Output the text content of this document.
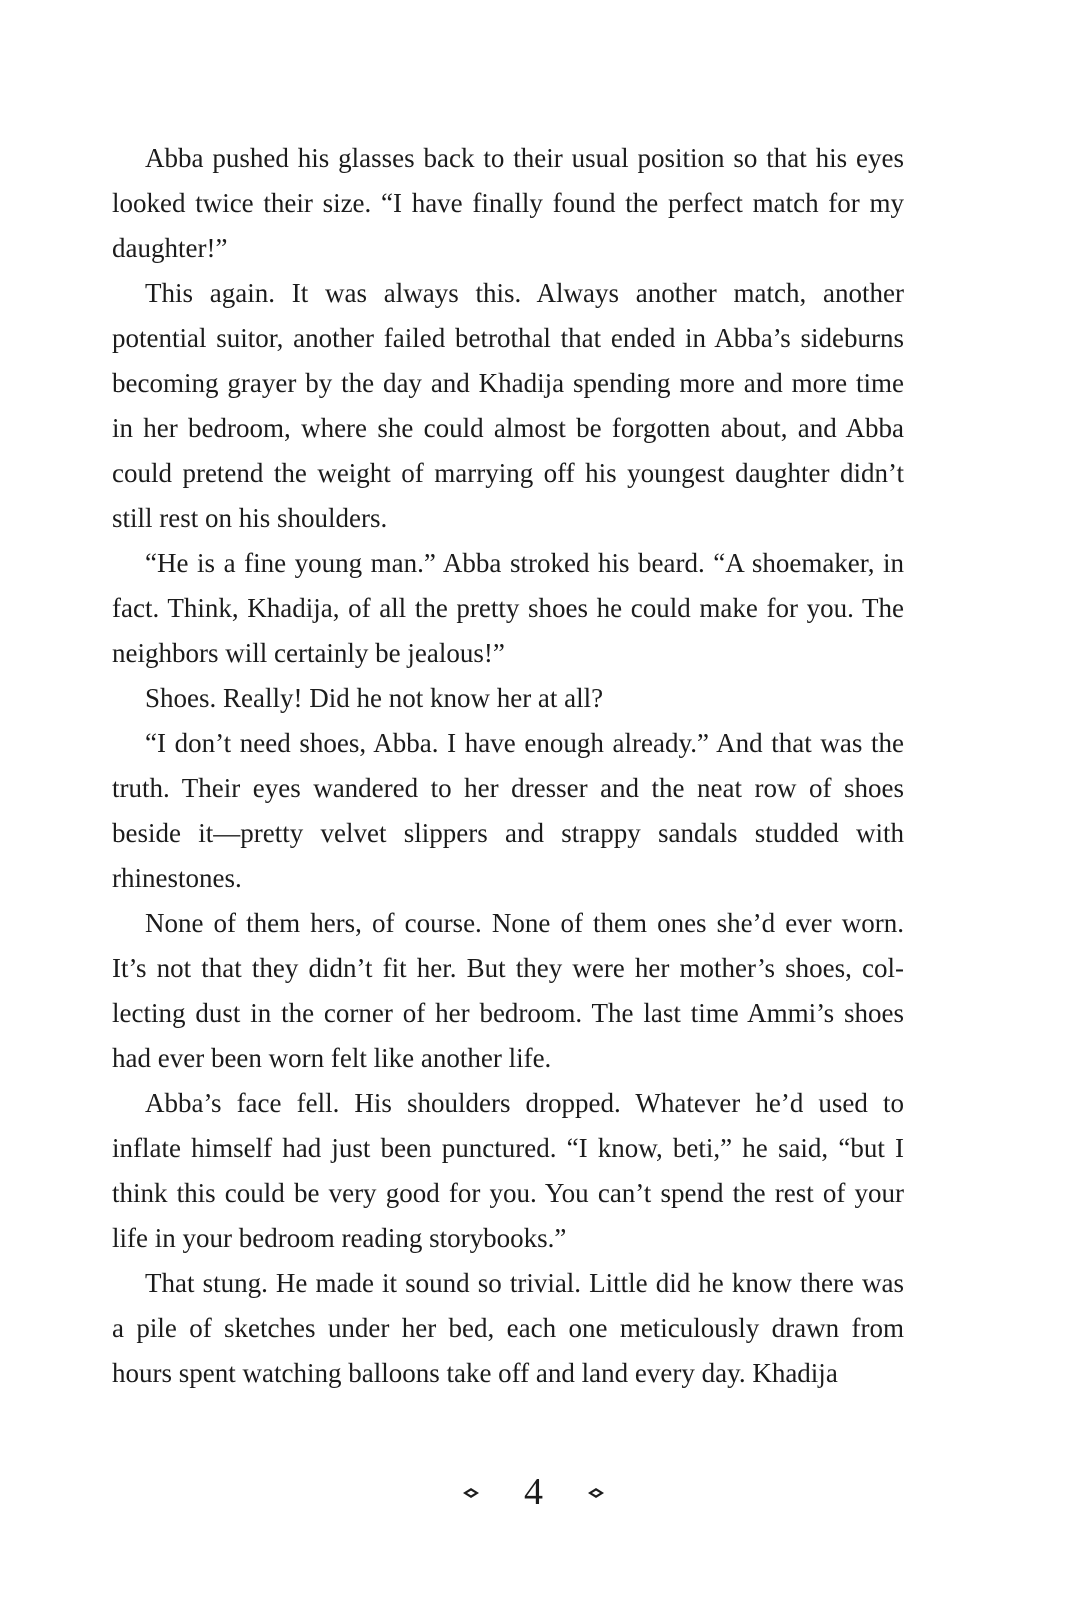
Abba pushed his glasses back to their usual position so that his eyes looked twice their size. “I have finally found the perfect match for my daughter!”

This again. It was always this. Always another match, another potential suitor, another failed betrothal that ended in Abba’s sideburns becoming grayer by the day and Khadija spending more and more time in her bedroom, where she could almost be forgotten about, and Abba could pretend the weight of marrying off his youngest daughter didn’t still rest on his shoulders.

“He is a fine young man.” Abba stroked his beard. “A shoemaker, in fact. Think, Khadija, of all the pretty shoes he could make for you. The neighbors will certainly be jealous!”

Shoes. Really! Did he not know her at all?

“I don’t need shoes, Abba. I have enough already.” And that was the truth. Their eyes wandered to her dresser and the neat row of shoes beside it—pretty velvet slippers and strappy sandals studded with rhinestones.

None of them hers, of course. None of them ones she’d ever worn. It’s not that they didn’t fit her. But they were her mother’s shoes, collecting dust in the corner of her bedroom. The last time Ammi’s shoes had ever been worn felt like another life.

Abba’s face fell. His shoulders dropped. Whatever he’d used to inflate himself had just been punctured. “I know, beti,” he said, “but I think this could be very good for you. You can’t spend the rest of your life in your bedroom reading storybooks.”

That stung. He made it sound so trivial. Little did he know there was a pile of sketches under her bed, each one meticulously drawn from hours spent watching balloons take off and land every day. Khadija

4
